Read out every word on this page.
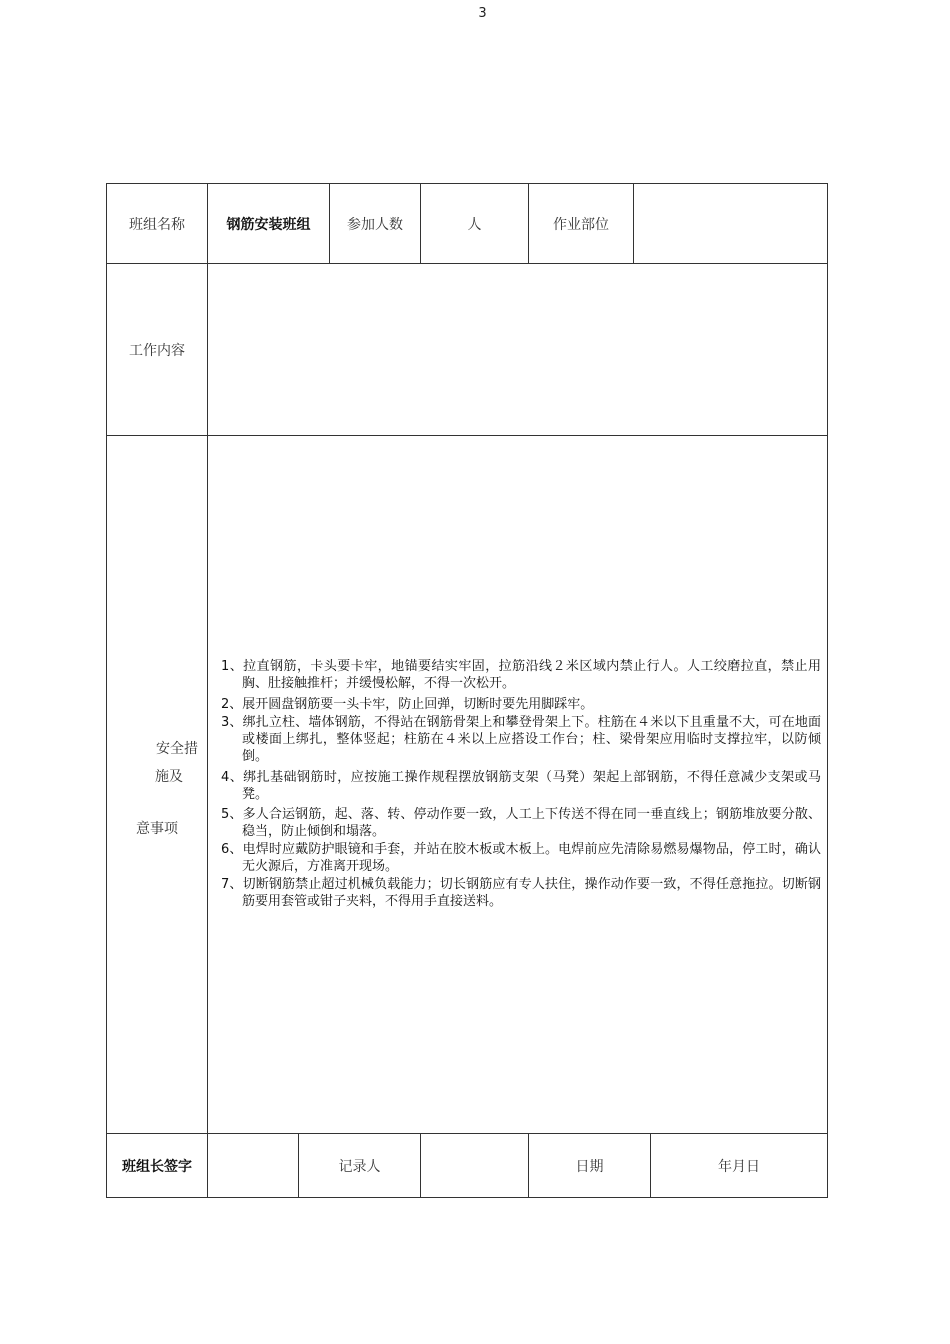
3
班组名称	钢筋安装班组	参加人数	人	作业部位
工作内容
安全措
施及
意事项

1、拉直钢筋，卡头要卡牢，地锚要结实牢固，拉筋沿线２米区域内禁止行人。人工绞磨拉直，禁止用胸、肚接触推杆；并缓慢松解，不得一次松开。

2、展开圆盘钢筋要一头卡牢，防止回弹，切断时要先用脚踩牢。

3、绑扎立柱、墙体钢筋，不得站在钢筋骨架上和攀登骨架上下。柱筋在４米以下且重量不大，可在地面或楼面上绑扎，整体竖起；柱筋在４米以上应搭设工作台；柱、梁骨架应用临时支撑拉牢，以防倾倒。

4、绑扎基础钢筋时，应按施工操作规程摆放钢筋支架（马凳）架起上部钢筋，不得任意减少支架或马凳。

5、多人合运钢筋，起、落、转、停动作要一致，人工上下传送不得在同一垂直线上；钢筋堆放要分散、稳当，防止倾倒和塌落。

6、电焊时应戴防护眼镜和手套，并站在胶木板或木板上。电焊前应先清除易燃易爆物品，停工时，确认无火源后，方准离开现场。

7、切断钢筋禁止超过机械负载能力；切长钢筋应有专人扶住，操作动作要一致，不得任意拖拉。切断钢筋要用套管或钳子夹料，不得用手直接送料。

班组长签字	记录人	日期	年月日
